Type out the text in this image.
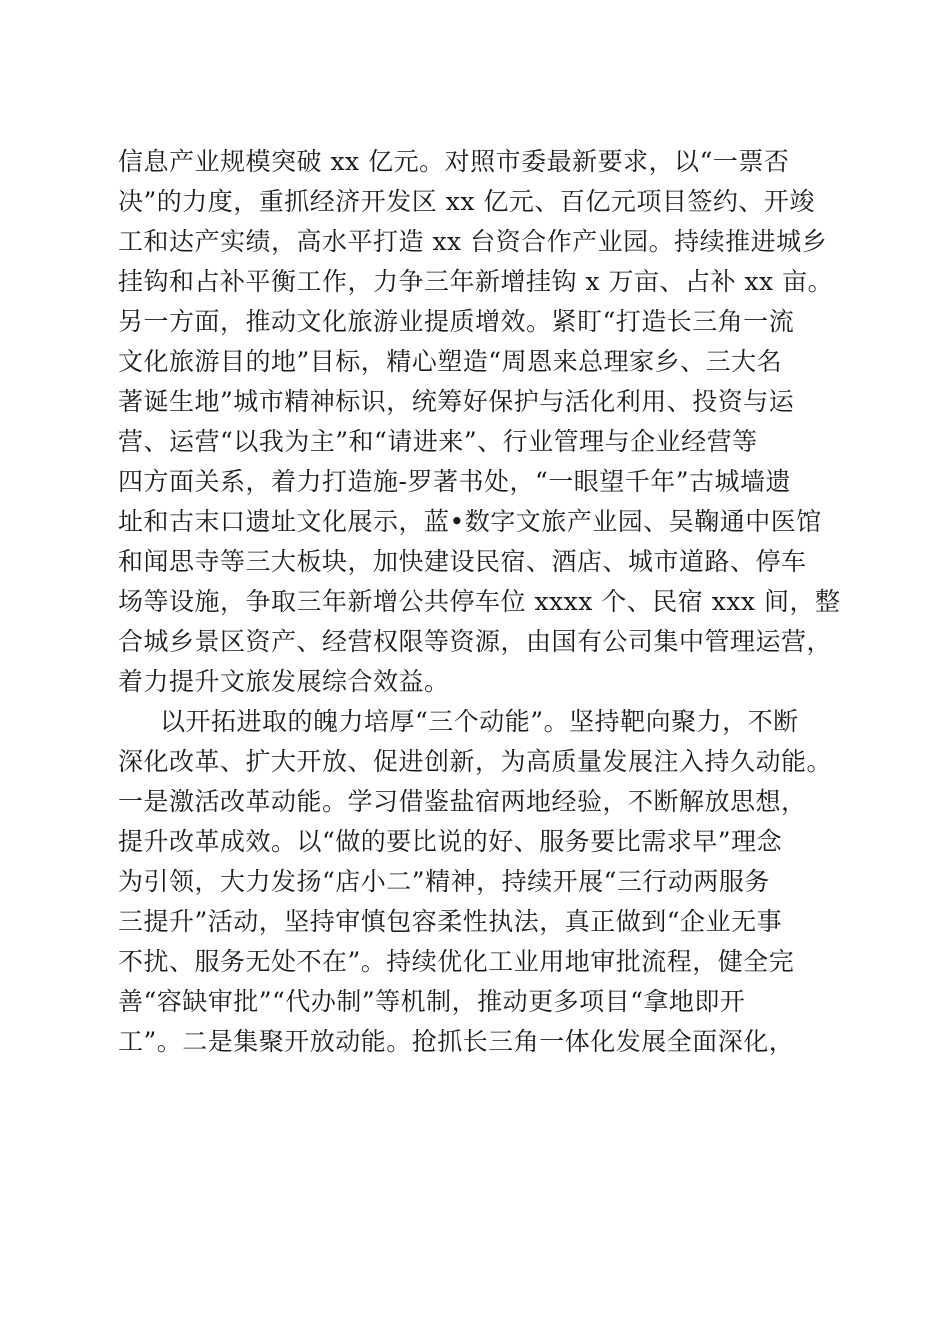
信息产业规模突破 xx 亿元。对照市委最新要求，以“一票否
决”的力度，重抓经济开发区 xx 亿元、百亿元项目签约、开竣
工和达产实绩，高水平打造 xx 台资合作产业园。持续推进城乡
挂钩和占补平衡工作，力争三年新增挂钩 x 万亩、占补 xx 亩。
另一方面，推动文化旅游业提质增效。紧盯“打造长三角一流
文化旅游目的地”目标，精心塑造“周恩来总理家乡、三大名
著诞生地”城市精神标识，统筹好保护与活化利用、投资与运
营、运营“以我为主”和“请进来”、行业管理与企业经营等
四方面关系，着力打造施-罗著书处，“一眼望千年”古城墙遗
址和古末口遗址文化展示，蓝•数字文旅产业园、吴鞠通中医馆
和闻思寺等三大板块，加快建设民宿、酒店、城市道路、停车
场等设施，争取三年新增公共停车位 xxxx 个、民宿 xxx 间，整
合城乡景区资产、经营权限等资源，由国有公司集中管理运营，
着力提升文旅发展综合效益。
以开拓进取的魄力培厚“三个动能”。坚持靶向聚力，不断
深化改革、扩大开放、促进创新，为高质量发展注入持久动能。
一是激活改革动能。学习借鉴盐宿两地经验，不断解放思想，
提升改革成效。以“做的要比说的好、服务要比需求早”理念
为引领，大力发扬“店小二”精神，持续开展“三行动两服务
三提升”活动，坚持审慎包容柔性执法，真正做到“企业无事
不扰、服务无处不在”。持续优化工业用地审批流程，健全完
善“容缺审批”“代办制”等机制，推动更多项目“拿地即开
工”。二是集聚开放动能。抢抓长三角一体化发展全面深化，
